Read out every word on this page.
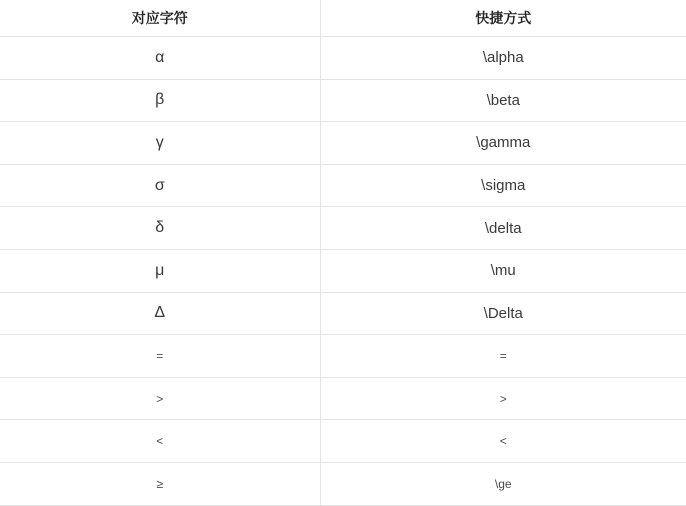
对应字符	快捷方式
α	\alpha
β	\beta
γ	\gamma
σ	\sigma
δ	\delta
μ	\mu
Δ	\Delta
=	=
>	>
<	<
≥	\ge
